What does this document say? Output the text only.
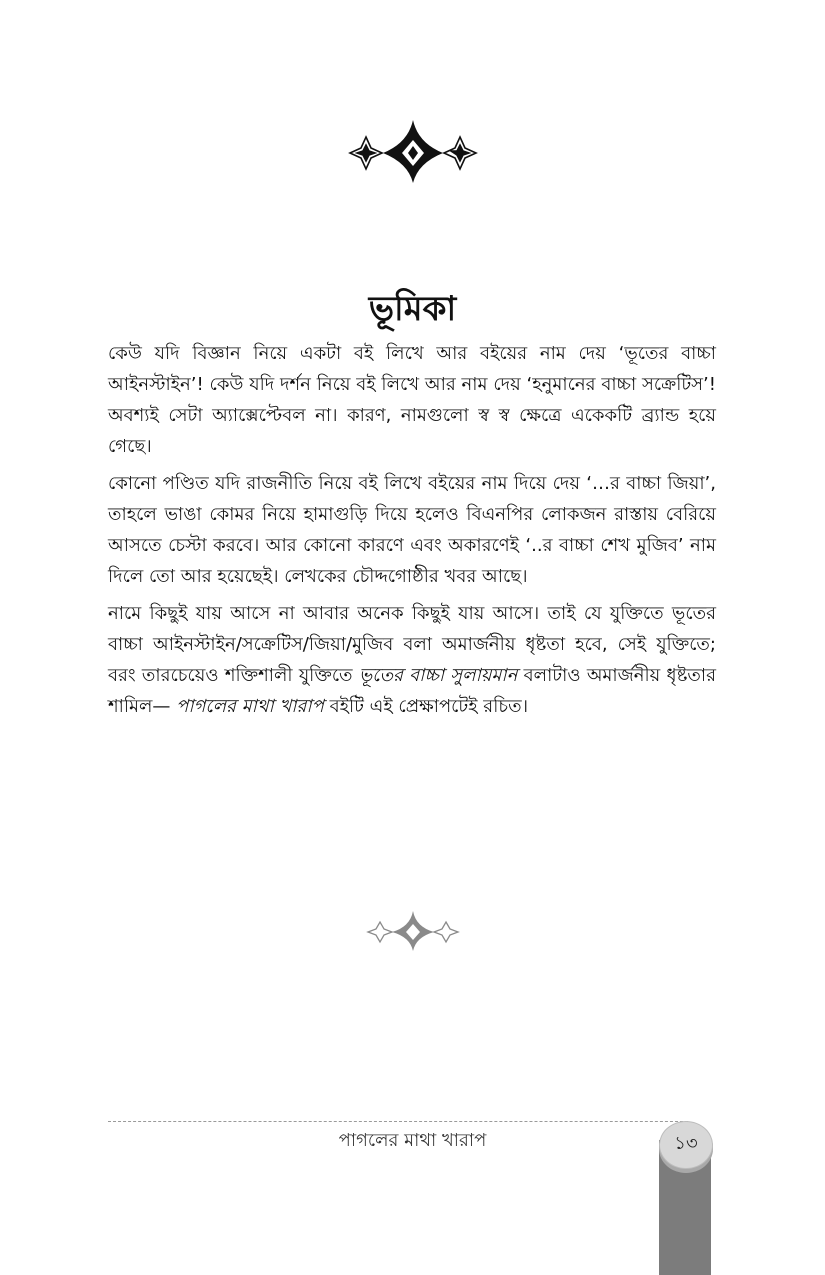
ভূমিকা

কেউ যদি বিজ্ঞান নিয়ে একটা বই লিখে আর বইয়ের নাম দেয় ‘ভূতের বাচ্চা আইনস্টাইন’! কেউ যদি দর্শন নিয়ে বই লিখে আর নাম দেয় ‘হনুমানের বাচ্চা সক্রেটিস’! অবশ্যই সেটা অ্যাক্সেপ্টেবল না। কারণ, নামগুলো স্ব স্ব ক্ষেত্রে একেকটি ব্র্যান্ড হয়ে গেছে।

কোনো পণ্ডিত যদি রাজনীতি নিয়ে বই লিখে বইয়ের নাম দিয়ে দেয় ‘…র বাচ্চা জিয়া’, তাহলে ভাঙা কোমর নিয়ে হামাগুড়ি দিয়ে হলেও বিএনপির লোকজন রাস্তায় বেরিয়ে আসতে চেস্টা করবে। আর কোনো কারণে এবং অকারণেই ‘..র বাচ্চা শেখ মুজিব’ নাম দিলে তো আর হয়েছেই। লেখকের চৌদ্দগোষ্ঠীর খবর আছে।

নামে কিছুই যায় আসে না আবার অনেক কিছুই যায় আসে। তাই যে যুক্তিতে ভূতের বাচ্চা আইনস্টাইন/সক্রেটিস/জিয়া/মুজিব বলা অমার্জনীয় ধৃষ্টতা হবে, সেই যুক্তিতে; বরং তারচেয়েও শক্তিশালী যুক্তিতে ভূতের বাচ্চা সুলায়মান বলাটাও অমার্জনীয় ধৃষ্টতার শামিল— পাগলের মাথা খারাপ বইটি এই প্রেক্ষাপটেই রচিত।

পাগলের মাথা খারাপ	১৩
